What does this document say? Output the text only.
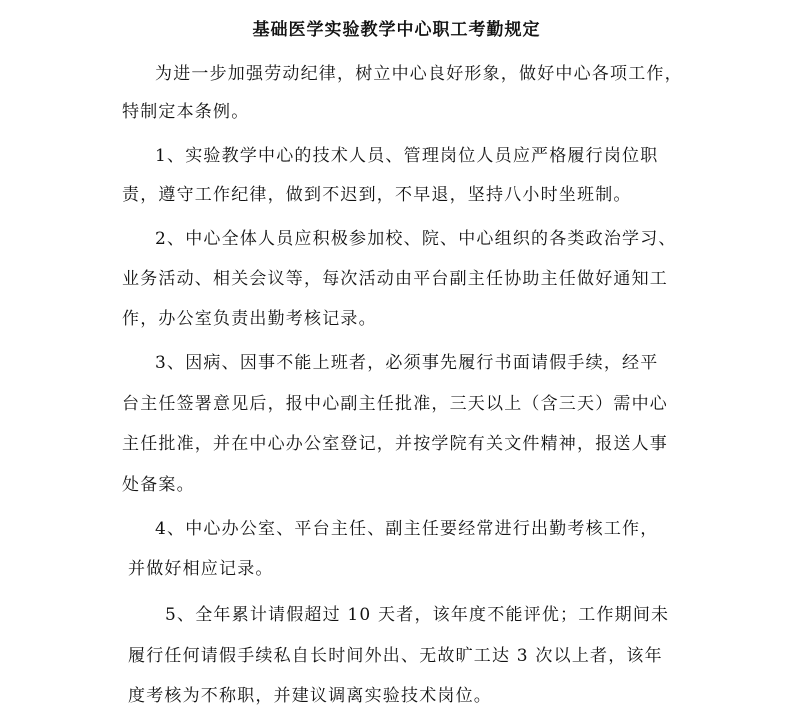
基础医学实验教学中心职工考勤规定
为进一步加强劳动纪律，树立中心良好形象，做好中心各项工作，
特制定本条例。
1、实验教学中心的技术人员、管理岗位人员应严格履行岗位职
责，遵守工作纪律，做到不迟到，不早退，坚持八小时坐班制。
2、中心全体人员应积极参加校、院、中心组织的各类政治学习、
业务活动、相关会议等，每次活动由平台副主任协助主任做好通知工
作，办公室负责出勤考核记录。
3、因病、因事不能上班者，必须事先履行书面请假手续，经平
台主任签署意见后，报中心副主任批准，三天以上（含三天）需中心
主任批准，并在中心办公室登记，并按学院有关文件精神，报送人事
处备案。
4、中心办公室、平台主任、副主任要经常进行出勤考核工作，
并做好相应记录。
5、全年累计请假超过 10 天者，该年度不能评优；工作期间未
履行任何请假手续私自长时间外出、无故旷工达 3 次以上者，该年
度考核为不称职，并建议调离实验技术岗位。
